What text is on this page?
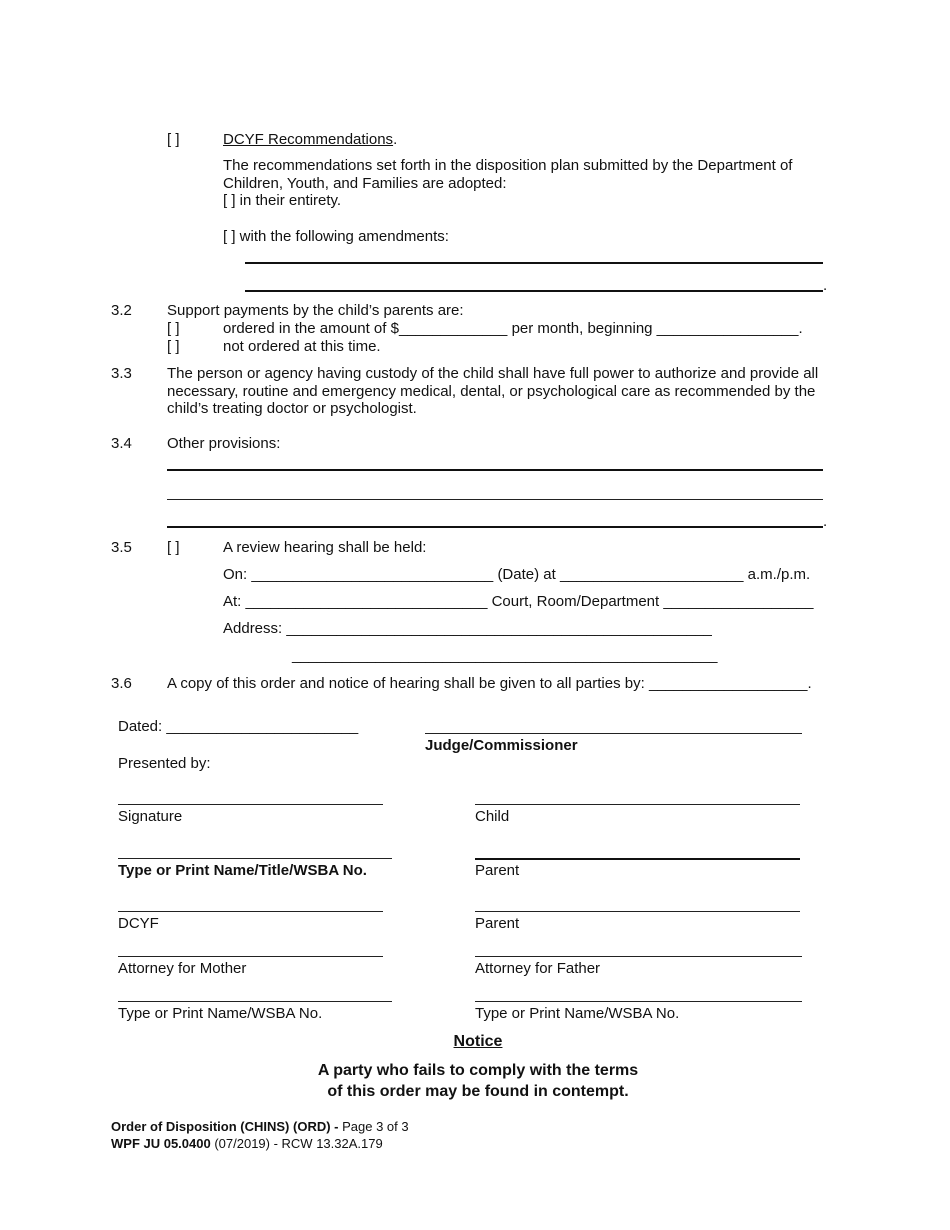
[ ]	DCYF Recommendations.
The recommendations set forth in the disposition plan submitted by the Department of Children, Youth, and Families are adopted:
[ ] in their entirety.
[ ] with the following amendments:
.
3.2 Support payments by the child’s parents are:
[ ]	ordered in the amount of $_____________ per month, beginning _________________.
[ ]	not ordered at this time.
3.3 The person or agency having custody of the child shall have full power to authorize and provide all necessary, routine and emergency medical, dental, or psychological care as recommended by the child’s treating doctor or psychologist.
3.4 Other provisions:
.
3.5 [ ]	A review hearing shall be held:
On: _____________________________ (Date) at ______________________ a.m./p.m.
At: _____________________________ Court, Room/Department __________________
Address: ___________________________________________________
___________________________________________________
3.6 A copy of this order and notice of hearing shall be given to all parties by: ___________________.
Dated: _______________________
Judge/Commissioner
Presented by:
Signature	Child
Type or Print Name/Title/WSBA No.	Parent
DCYF	Parent
Attorney for Mother	Attorney for Father
Type or Print Name/WSBA No.	Type or Print Name/WSBA No.
Notice
A party who fails to comply with the terms
of this order may be found in contempt.
Order of Disposition (CHINS) (ORD) - Page 3 of 3
WPF JU 05.0400 (07/2019) - RCW 13.32A.179
